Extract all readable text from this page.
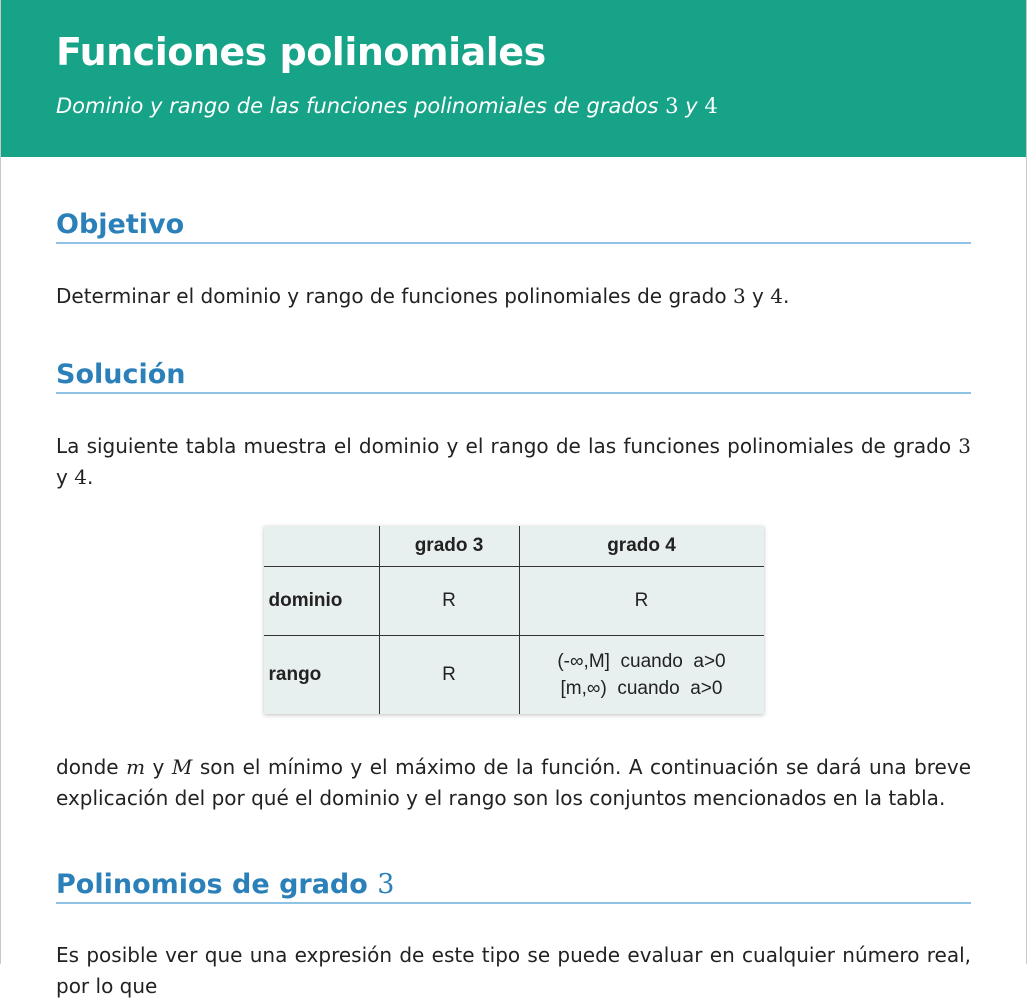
Funciones polinomiales
Dominio y rango de las funciones polinomiales de grados 3 y 4
Objetivo

Determinar el dominio y rango de funciones polinomiales de grado 3 y 4.

Solución

La siguiente tabla muestra el dominio y el rango de las funciones polinomiales de grado 3 y 4.

	grado 3	grado 4
dominio	R	R
rango	R	(-∞,M]  cuando  a>0
[m,∞)  cuando  a>0

donde m y M son el mínimo y el máximo de la función. A continuación se dará una breve explicación del por qué el dominio y el rango son los conjuntos mencionados en la tabla.

Polinomios de grado 3

Es posible ver que una expresión de este tipo se puede evaluar en cualquier número real, por lo que
